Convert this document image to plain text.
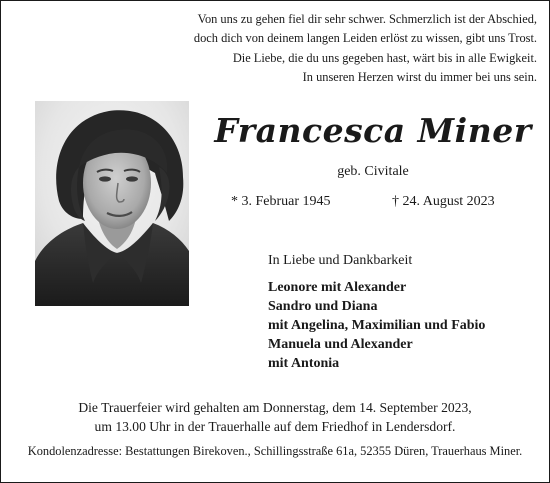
Von uns zu gehen fiel dir sehr schwer. Schmerzlich ist der Abschied,
doch dich von deinem langen Leiden erlöst zu wissen, gibt uns Trost.
Die Liebe, die du uns gegeben hast, wärt bis in alle Ewigkeit.
In unseren Herzen wirst du immer bei uns sein.
Francesca Miner
geb. Civitale
* 3. Februar 1945	† 24. August 2023
In Liebe und Dankbarkeit
Leonore mit Alexander
Sandro und Diana
mit Angelina, Maximilian und Fabio
Manuela und Alexander
mit Antonia
Die Trauerfeier wird gehalten am Donnerstag, dem 14. September 2023,
um 13.00 Uhr in der Trauerhalle auf dem Friedhof in Lendersdorf.
Kondolenzadresse: Bestattungen Birekoven., Schillingsstraße 61a, 52355 Düren, Trauerhaus Miner.
